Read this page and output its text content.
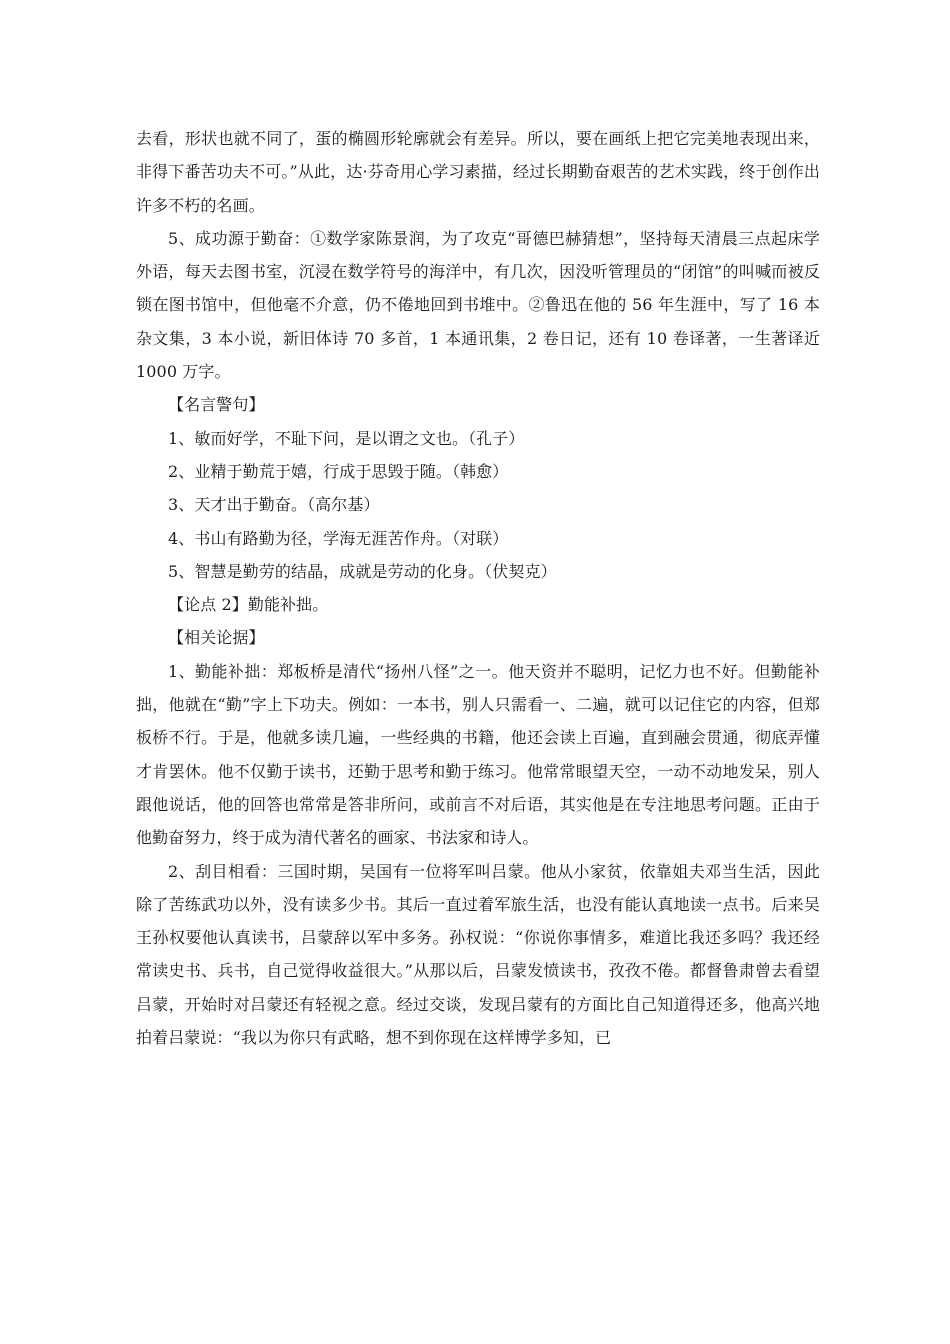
去看，形状也就不同了，蛋的椭圆形轮廓就会有差异。所以，要在画纸上把它完美地表现出来，非得下番苦功夫不可。”从此，达·芬奇用心学习素描，经过长期勤奋艰苦的艺术实践，终于创作出许多不朽的名画。

5、成功源于勤奋：①数学家陈景润，为了攻克“哥德巴赫猜想”，坚持每天清晨三点起床学外语，每天去图书室，沉浸在数学符号的海洋中，有几次，因没听管理员的“闭馆”的叫喊而被反锁在图书馆中，但他毫不介意，仍不倦地回到书堆中。②鲁迅在他的 56 年生涯中，写了 16 本杂文集，3 本小说，新旧体诗 70 多首，1 本通讯集，2 卷日记，还有 10 卷译著，一生著译近 1000 万字。

【名言警句】

1、敏而好学，不耻下问，是以谓之文也。（孔子）

2、业精于勤荒于嬉，行成于思毁于随。（韩愈）

3、天才出于勤奋。（高尔基）

4、书山有路勤为径，学海无涯苦作舟。（对联）

5、智慧是勤劳的结晶，成就是劳动的化身。（伏契克）

【论点 2】勤能补拙。

【相关论据】

1、勤能补拙：郑板桥是清代“扬州八怪”之一。他天资并不聪明，记忆力也不好。但勤能补拙，他就在“勤”字上下功夫。例如：一本书，别人只需看一、二遍，就可以记住它的内容，但郑板桥不行。于是，他就多读几遍，一些经典的书籍，他还会读上百遍，直到融会贯通，彻底弄懂才肯罢休。他不仅勤于读书，还勤于思考和勤于练习。他常常眼望天空，一动不动地发呆，别人跟他说话，他的回答也常常是答非所问，或前言不对后语，其实他是在专注地思考问题。正由于他勤奋努力，终于成为清代著名的画家、书法家和诗人。

2、刮目相看：三国时期，吴国有一位将军叫吕蒙。他从小家贫，依靠姐夫邓当生活，因此除了苦练武功以外，没有读多少书。其后一直过着军旅生活，也没有能认真地读一点书。后来吴王孙权要他认真读书，吕蒙辞以军中多务。孙权说：“你说你事情多，难道比我还多吗？我还经常读史书、兵书，自己觉得收益很大。”从那以后，吕蒙发愤读书，孜孜不倦。都督鲁肃曾去看望吕蒙，开始时对吕蒙还有轻视之意。经过交谈，发现吕蒙有的方面比自己知道得还多，他高兴地拍着吕蒙说：“我以为你只有武略，想不到你现在这样博学多知，已
